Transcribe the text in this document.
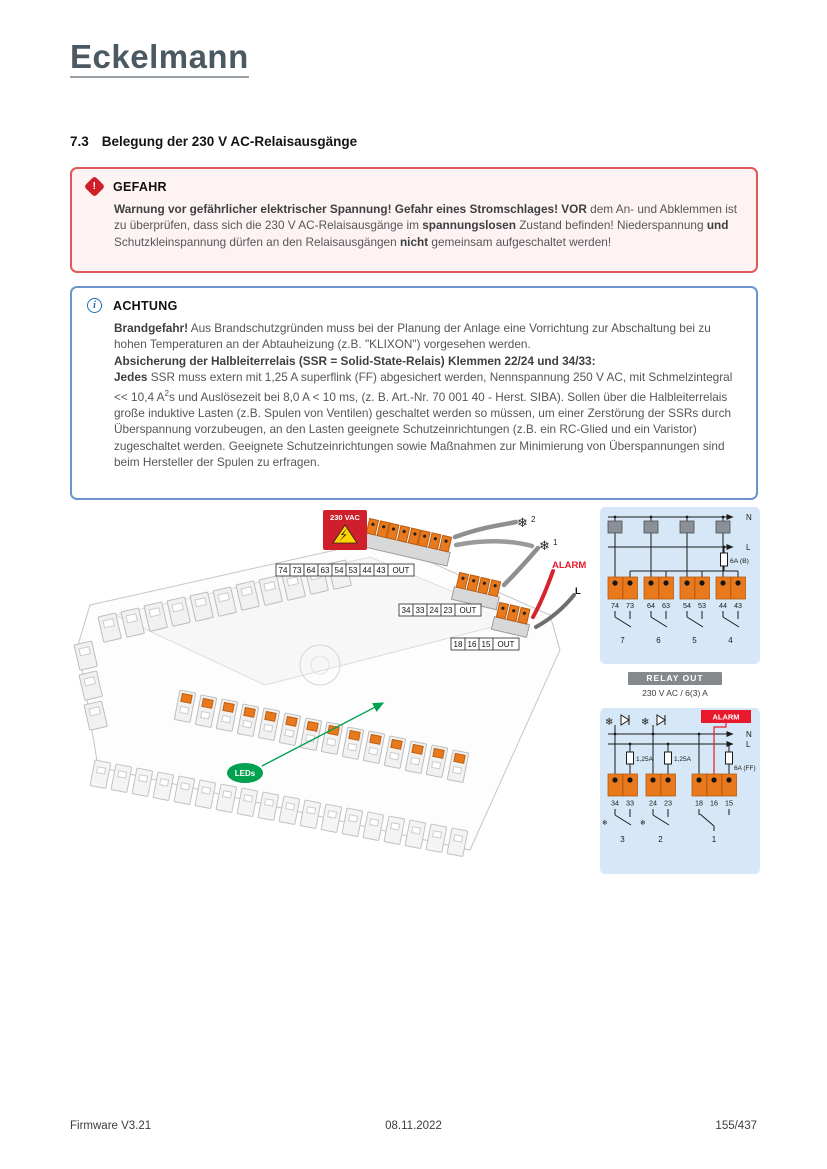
Eckelmann
7.3 Belegung der 230 V AC-Relaisausgänge
! GEFAHR
Warnung vor gefährlicher elektrischer Spannung! Gefahr eines Stromschlages! VOR dem An- und Abklemmen ist zu überprüfen, dass sich die 230 V AC-Relaisausgänge im spannungslosen Zustand befinden! Niederspannung und Schutzkleinspannung dürfen an den Relaisausgängen nicht gemeinsam aufgeschaltet werden!
i ACHTUNG
Brandgefahr! Aus Brandschutzgründen muss bei der Planung der Anlage eine Vorrichtung zur Abschaltung bei zu hohen Temperaturen an der Abtauheizung (z.B. "KLIXON") vorgesehen werden.
Absicherung der Halbleiterrelais (SSR = Solid-State-Relais) Klemmen 22/24 und 34/33:
Jedes SSR muss extern mit 1,25 A superflink (FF) abgesichert werden, Nennspannung 250 V AC, mit Schmelzintegral << 10,4 $A^2s$ und Auslösezeit bei 8,0 A < 10 ms, (z. B. Art.-Nr. 70 001 40 - Herst. SIBA). Sollen über die Halbleiterrelais große induktive Lasten (z.B. Spulen von Ventilen) geschaltet werden so müssen, um einer Zerstörung der SSRs durch Überspannung vorzubeugen, an den Lasten geeignete Schutzeinrichtungen (z.B. ein RC-Glied und ein Varistor) zugeschaltet werden. Geeignete Schutzeinrichtungen sowie Maßnahmen zur Minimierung von Überspannungen sind beim Hersteller der Spulen zu erfragen.
230 VAC
74 73 64 63 54 53 44 43 OUT
34 33 24 23 OUT
18 16 15 OUT
❄ 2
❄ 1
ALARM
L
LEDs
74 73 64 63 54 53 44 43
N
L
6A (B)
7	6	5	4
RELAY OUT
230 V AC / 6(3) A
❄	❄	ALARM
N
L
1,25A	1,25A
6A (FF)
34 33 24 23	18 16 15
❄	❄
3	2	1
Firmware V3.21	08.11.2022	155/437
